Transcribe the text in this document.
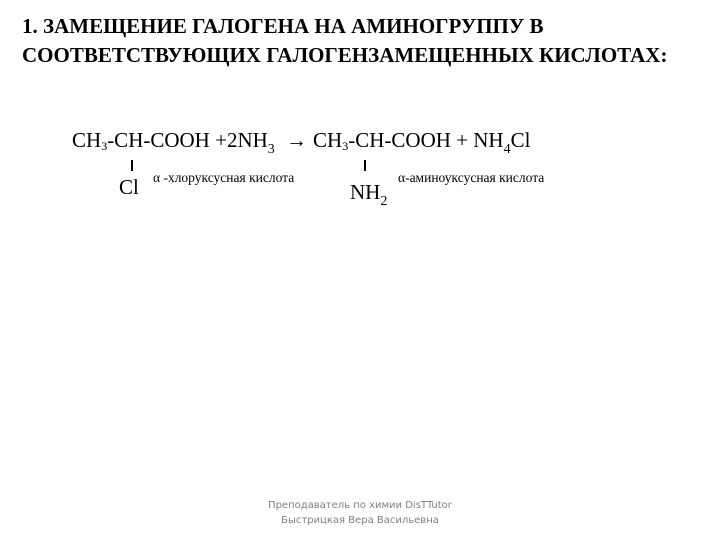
1. ЗАМЕЩЕНИЕ ГАЛОГЕНА НА АМИНОГРУППУ В СООТВЕТСТВУЮЩИХ ГАЛОГЕНЗАМЕЩЕННЫХ КИСЛОТАХ:
CH3-CH-COOH $+2NH_3$ → CH3-CH-COOH + $NH_4Cl$
Cl α -хлоруксусная кислота
$NH_2$
α-аминоуксусная кислота
Преподаватель по химии DisTTutor
Быстрицкая Вера Васильевна
